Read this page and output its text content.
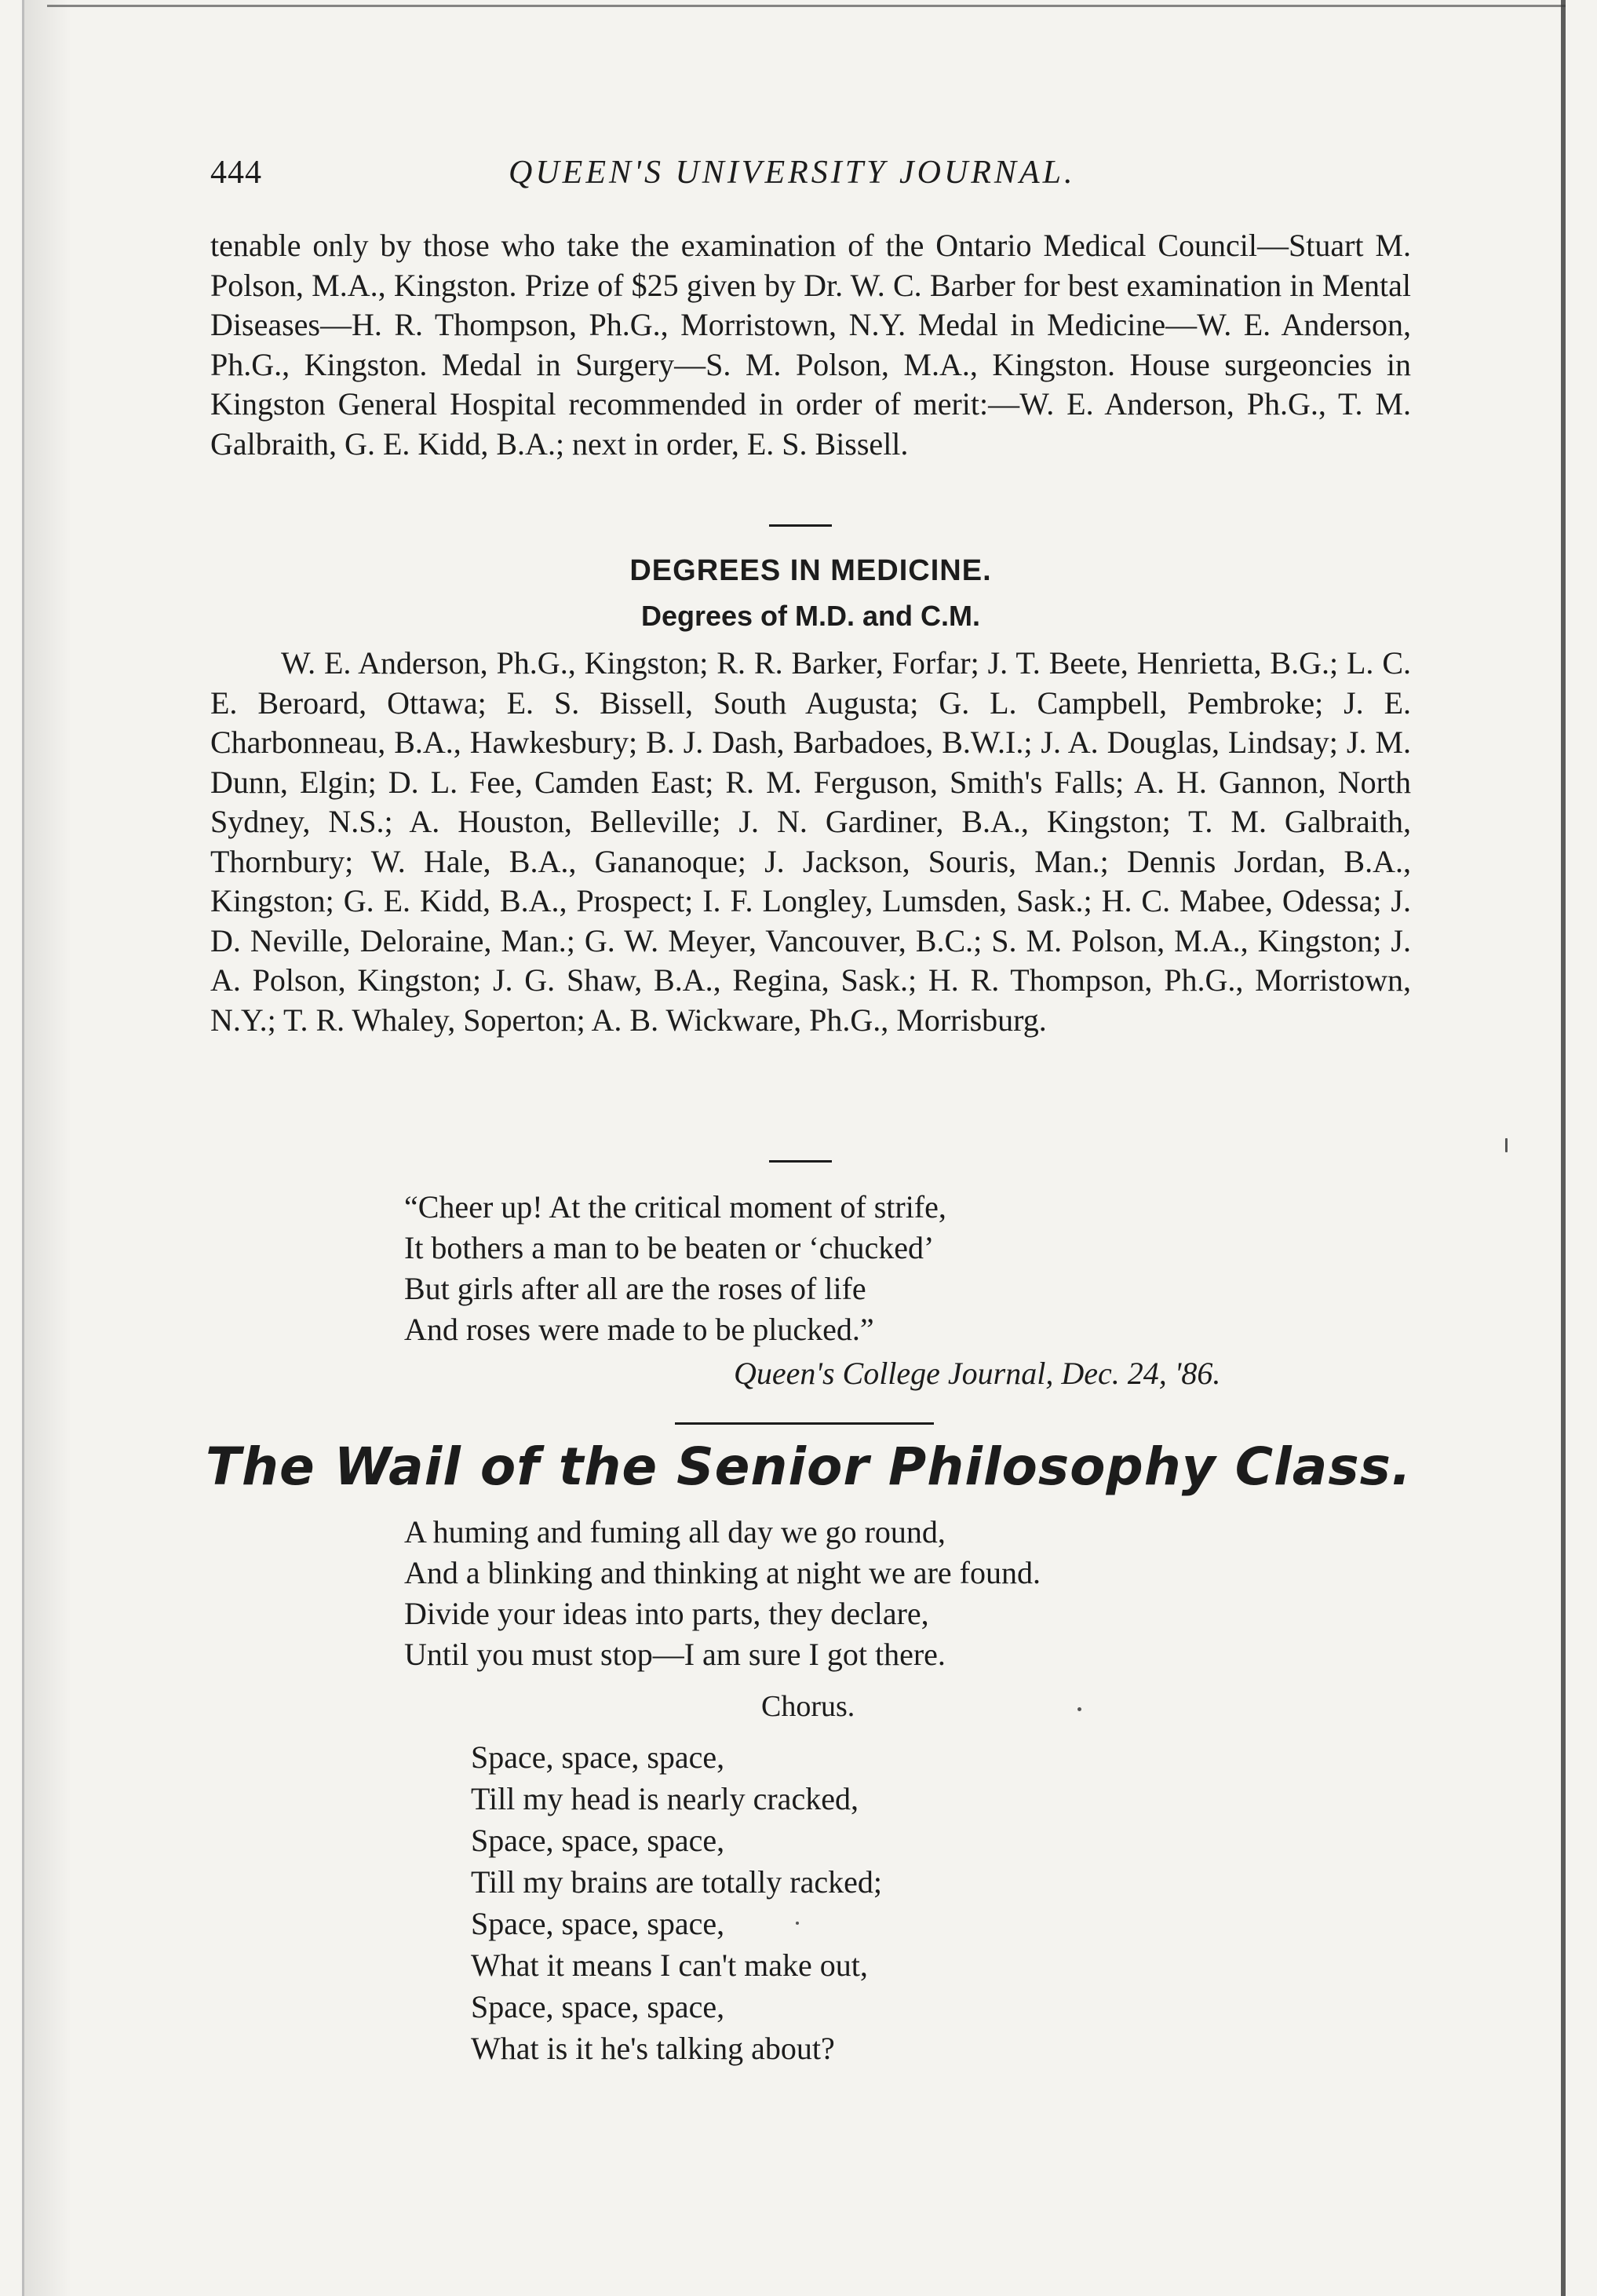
444	QUEEN'S UNIVERSITY JOURNAL.
tenable only by those who take the examination of the Ontario Medical Council—Stuart M. Polson, M.A., Kingston. Prize of $25 given by Dr. W. C. Barber for best examination in Mental Diseases—H. R. Thompson, Ph.G., Morristown, N.Y. Medal in Medicine—W. E. Anderson, Ph.G., Kingston. Medal in Surgery—S. M. Polson, M.A., Kingston. House surgeoncies in Kingston General Hospital recommended in order of merit:—W. E. Anderson, Ph.G., T. M. Galbraith, G. E. Kidd, B.A.; next in order, E. S. Bissell.
DEGREES IN MEDICINE.
Degrees of M.D. and C.M.
W. E. Anderson, Ph.G., Kingston; R. R. Barker, Forfar; J. T. Beete, Henrietta, B.G.; L. C. E. Beroard, Ottawa; E. S. Bissell, South Augusta; G. L. Campbell, Pembroke; J. E. Charbonneau, B.A., Hawkesbury; B. J. Dash, Barbadoes, B.W.I.; J. A. Douglas, Lindsay; J. M. Dunn, Elgin; D. L. Fee, Camden East; R. M. Ferguson, Smith's Falls; A. H. Gannon, North Sydney, N.S.; A. Houston, Belleville; J. N. Gardiner, B.A., Kingston; T. M. Galbraith, Thornbury; W. Hale, B.A., Gananoque; J. Jackson, Souris, Man.; Dennis Jordan, B.A., Kingston; G. E. Kidd, B.A., Prospect; I. F. Longley, Lumsden, Sask.; H. C. Mabee, Odessa; J. D. Neville, Deloraine, Man.; G. W. Meyer, Vancouver, B.C.; S. M. Polson, M.A., Kingston; J. A. Polson, Kingston; J. G. Shaw, B.A., Regina, Sask.; H. R. Thompson, Ph.G., Morristown, N.Y.; T. R. Whaley, Soperton; A. B. Wickware, Ph.G., Morrisburg.
“Cheer up! At the critical moment of strife,
It bothers a man to be beaten or ‘chucked’
But girls after all are the roses of life
And roses were made to be plucked.”
Queen's College Journal, Dec. 24, '86.
The Wail of the Senior Philosophy Class.
A huming and fuming all day we go round,
And a blinking and thinking at night we are found.
Divide your ideas into parts, they declare,
Until you must stop—I am sure I got there.
Chorus.
Space, space, space,
Till my head is nearly cracked,
Space, space, space,
Till my brains are totally racked;
Space, space, space,
What it means I can't make out,
Space, space, space,
What is it he's talking about?
